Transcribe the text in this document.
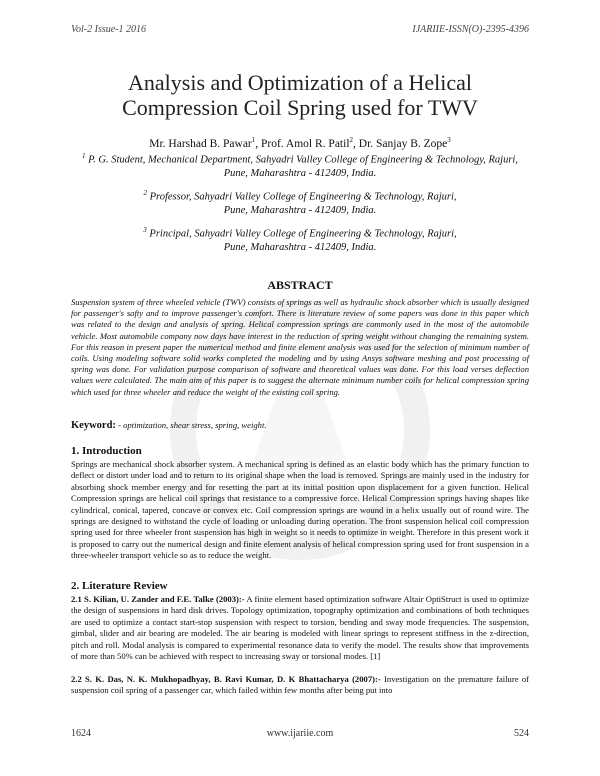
Vol-2 Issue-1 2016	IJARIIE-ISSN(O)-2395-4396
Analysis and Optimization of a Helical
Compression Coil Spring used for TWV
Mr. Harshad B. Pawar$^1$, Prof. Amol R. Patil$^2$, Dr. Sanjay B. Zope$^3$
$^1$ P. G. Student, Mechanical Department, Sahyadri Valley College of Engineering & Technology, Rajuri,
Pune, Maharashtra - 412409, India.
$^2$ Professor, Sahyadri Valley College of Engineering & Technology, Rajuri,
Pune, Maharashtra - 412409, India.
$^3$ Principal, Sahyadri Valley College of Engineering & Technology, Rajuri,
Pune, Maharashtra - 412409, India.
ABSTRACT
Suspension system of three wheeled vehicle (TWV) consists of springs as well as hydraulic shock absorber which is usually designed for passenger's safty and to improve passenger's comfort. There is literature review of some papers was done in this paper which was related to the design and analysis of spring. Helical compression springs are commonly used in the most of the automobile vehicle. Most automobile company now days have interest in the reduction of spring weight without changing the remaining system. For this reason in present paper the numerical method and finite element analysis was used for the selection of minimum number of coils. Using modeling software solid works completed the modeling and by using Ansys software meshing and post processing of spring was done. For validation purpose comparison of software and theoretical values was done. For this load verses deflection values were calculated. The main aim of this paper is to suggest the alternate minimum number coils for helical compression spring which used for three wheeler and reduce the weight of the existing coil spring.
Keyword: - optimization, shear stress, spring, weight.
1. Introduction
Springs are mechanical shock absorber system. A mechanical spring is defined as an elastic body which has the primary function to deflect or distort under load and to return to its original shape when the load is removed. Springs are mainly used in the industry for absorbing shock member energy and for resetting the part at its initial position upon displacement for a given function. Helical Compression springs are helical coil springs that resistance to a compressive force. Helical Compression springs having shapes like cylindrical, conical, tapered, concave or convex etc. Coil compression springs are wound in a helix usually out of round wire. The springs are designed to withstand the cycle of loading or unloading during operation. The front suspension helical coil compression spring used for three wheeler front suspension has high in weight so it needs to optimize in weight. Therefore in this present work it is proposed to carry out the numerical design and finite element analysis of helical compression spring used for front suspension in a three-wheeler transport vehicle so as to reduce the weight.
2. Literature Review
2.1 S. Kilian, U. Zander and F.E. Talke (2003):- A finite element based optimization software Altair OptiStruct is used to optimize the design of suspensions in hard disk drives. Topology optimization, topography optimization and combinations of both techniques are used to optimize a contact start-stop suspension with respect to torsion, bending and sway mode frequencies. The suspension, gimbal, slider and air bearing are modeled. The air bearing is modeled with linear springs to represent stiffness in the z-direction, pitch and roll. Modal analysis is compared to experimental resonance data to verify the model. The results show that improvements of more than 50% can be achieved with respect to increasing sway or torsional modes. [1]
2.2 S. K. Das, N. K. Mukhopadhyay, B. Ravi Kumar, D. K Bhattacharya (2007):- Investigation on the premature failure of suspension coil spring of a passenger car, which failed within few months after being put into
1624	www.ijariie.com	524
